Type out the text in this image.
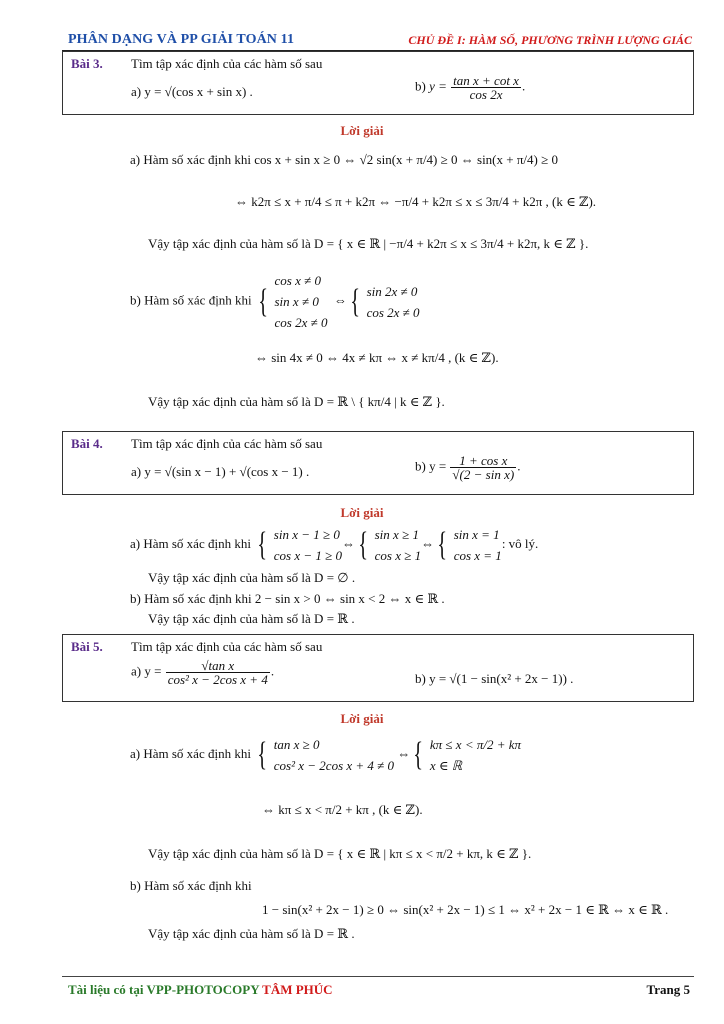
PHÂN DẠNG VÀ PP GIẢI TOÁN 11	CHỦ ĐỀ I: HÀM SỐ, PHƯƠNG TRÌNH LƯỢNG GIÁC
Bài 3. Tìm tập xác định của các hàm số sau
a) y = √(cos x + sin x) .	b) $y = \frac{\text{tan x + cot x}}{\cos 2x}$ .
Lời giải
a) Hàm số xác định khi cos x + sin x ≥ 0 ⇔ √2 sin(x + π/4) ≥ 0 ⇔ sin(x + π/4) ≥ 0
⇔ k2π ≤ x + π/4 ≤ π + k2π ⇔ −π/4 + k2π ≤ x ≤ 3π/4 + k2π , (k ∈ ℤ).
Vậy tập xác định của hàm số là D = { x ∈ ℝ | −π/4 + k2π ≤ x ≤ 3π/4 + k2π, k ∈ ℤ }.
b) Hàm số xác định khi { cos x ≠ 0
sin x ≠ 0
cos 2x ≠ 0  ⇔{ sin 2x ≠ 0
cos 2x ≠ 0
⇔ sin 4x ≠ 0 ⇔ 4x ≠ kπ ⇔ x ≠ kπ/4 , (k ∈ ℤ).
Vậy tập xác định của hàm số là D = ℝ \ { kπ/4 | k ∈ ℤ }.
Bài 4. Tìm tập xác định của các hàm số sau
a) y = √(sin x − 1) + √(cos x − 1) .	b) $y = \frac{\text{1 + cos x}}{\text{√(2 − sin x)}}$ .
Lời giải
a) Hàm số xác định khi { sin x − 1 ≥ 0
cos x − 1 ≥ 0⇔{ sin x ≥ 1
cos x ≥ 1⇔{ sin x = 1
cos x = 1: vô lý.
Vậy tập xác định của hàm số là D = ∅ .
b) Hàm số xác định khi 2 − sin x > 0 ⇔ sin x < 2 ⇔ x ∈ ℝ .
Vậy tập xác định của hàm số là D = ℝ .
Bài 5. Tìm tập xác định của các hàm số sau
a) $y = \frac{\text{√tan x}}{\text{cos² x − 2cos x + 4}}$ .
b) y = √(1 − sin(x² + 2x − 1)) .
Lời giải
a) Hàm số xác định khi { tan x ≥ 0
cos² x − 2cos x + 4 ≠ 0 ⇔{ kπ ≤ x < π/2 + kπ
x ∈ ℝ
⇔ kπ ≤ x < π/2 + kπ , (k ∈ ℤ).
Vậy tập xác định của hàm số là D = { x ∈ ℝ | kπ ≤ x < π/2 + kπ, k ∈ ℤ }.
b) Hàm số xác định khi
1 − sin(x² + 2x − 1) ≥ 0 ⇔ sin(x² + 2x − 1) ≤ 1 ⇔ x² + 2x − 1 ∈ ℝ ⇔ x ∈ ℝ .
Vậy tập xác định của hàm số là D = ℝ .
Tài liệu có tại VPP-PHOTOCOPY TÂM PHÚC	Trang 5
